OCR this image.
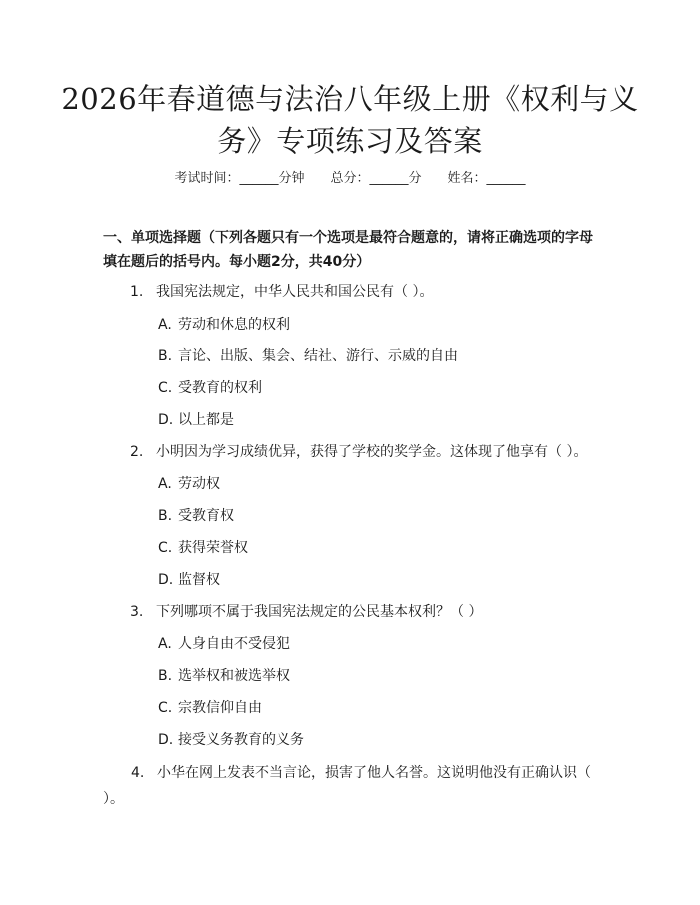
2026年春道德与法治八年级上册《权利与义务》专项练习及答案
考试时间：______分钟 总分：______分 姓名：______
一、单项选择题（下列各题只有一个选项是最符合题意的，请将正确选项的字母填在题后的括号内。每小题2分，共40分）
1. 我国宪法规定，中华人民共和国公民有（ ）。
A. 劳动和休息的权利
B. 言论、出版、集会、结社、游行、示威的自由
C. 受教育的权利
D. 以上都是
2. 小明因为学习成绩优异，获得了学校的奖学金。这体现了他享有（ ）。
A. 劳动权
B. 受教育权
C. 获得荣誉权
D. 监督权
3. 下列哪项不属于我国宪法规定的公民基本权利？（ ）
A. 人身自由不受侵犯
B. 选举权和被选举权
C. 宗教信仰自由
D. 接受义务教育的义务
4. 小华在网上发表不当言论，损害了他人名誉。这说明他没有正确认识（ ）。
